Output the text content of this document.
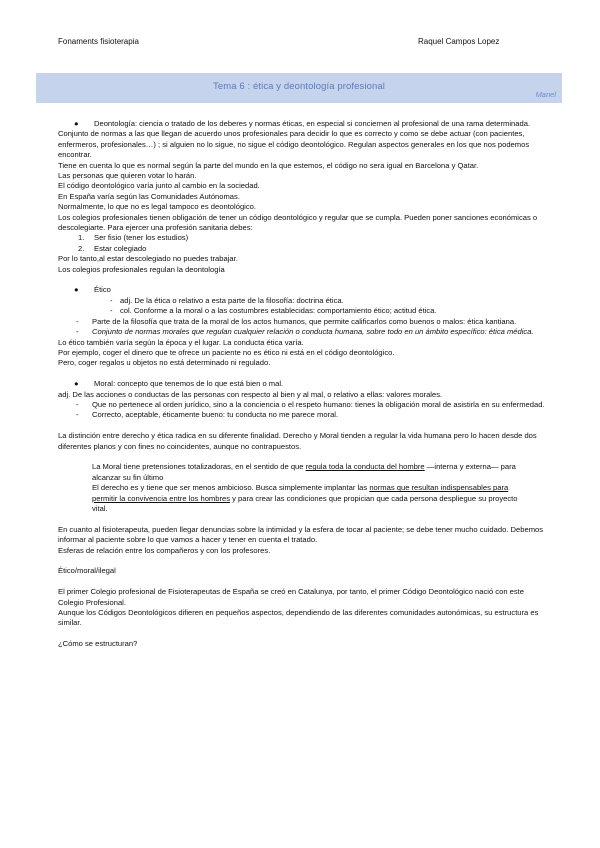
Fonaments fisioterapia	Raquel Campos Lopez
Tema 6 : ética y deontología profesional
Manel

● Deontología: ciencia o tratado de los deberes y normas éticas, en especial si conciernen al profesional de una rama determinada.

Conjunto de normas a las que llegan de acuerdo unos profesionales para decidir lo que es correcto y como se debe actuar (con pacientes, enfermeros, profesionales…) ; si alguien no lo sigue, no sigue el código deontológico. Regulan aspectos generales en los que nos podemos encontrar.

Tiene en cuenta lo que es normal según la parte del mundo en la que estemos, el código no sera igual en Barcelona y Qatar.

Las personas que quieren votar lo harán.

El código deontológico varía junto al cambio en la sociedad.

En España varía según las Comunidades Autónomas.

Normalmente, lo que no es legal tampoco es deontológico.

Los colegios profesionales tienen obligación de tener un código deontológico y regular que se cumpla. Pueden poner sanciones económicas o descolegiarte. Para ejercer una profesión sanitaria debes:

1. Ser fisio (tener los estudios)

2. Estar colegiado

Por lo tanto,al estar descolegiado no puedes trabajar.

Los colegios profesionales regulan la deontología

● Ético

- adj. De la ética o relativo a esta parte de la filosofía: doctrina ética.

- col. Conforme a la moral o a las costumbres establecidas: comportamiento ético; actitud ética.

- Parte de la filosofía que trata de la moral de los actos humanos, que permite calificarlos como buenos o malos: ética kantiana.

- Conjunto de normas morales que regulan cualquier relación o conducta humana, sobre todo en un ámbito específico: ética médica.

Lo ético también varía según la época y el lugar. La conducta ética varía.

Por ejemplo, coger el dinero que te ofrece un paciente no es ético ni está en el código deontológico.

Pero, coger regalos u objetos no está determinado ni regulado.

● Moral: concepto que tenemos de lo que está bien o mal.

adj. De las acciones o conductas de las personas con respecto al bien y al mal, o relativo a ellas: valores morales.

- Que no pertenece al orden jurídico, sino a la conciencia o el respeto humano: tienes la obligación moral de asistirla en su enfermedad.

- Correcto, aceptable, éticamente bueno: tu conducta no me parece moral.

La distinción entre derecho y ética radica en su diferente finalidad. Derecho y Moral tienden a regular la vida humana pero lo hacen desde dos diferentes planos y con fines no coincidentes, aunque no contrapuestos.

La Moral tiene pretensiones totalizadoras, en el sentido de que regula toda la conducta del hombre —interna y externa— para alcanzar su fin último

El derecho es y tiene que ser menos ambicioso. Busca simplemente implantar las normas que resultan indispensables para permitir la convivencia entre los hombres y para crear las condiciones que propician que cada persona despliegue su proyecto vital.

En cuanto al fisioterapeuta, pueden llegar denuncias sobre la intimidad y la esfera de tocar al paciente; se debe tener mucho cuidado. Debemos informar al paciente sobre lo que vamos a hacer y tener en cuenta el tratado.

Esferas de relación entre los compañeros y con los profesores.

Ético/moral/ilegal

El primer Colegio profesional de Fisioterapeutas de España se creó en Catalunya, por tanto, el primer Código Deontológico nació con este Colegio Profesional.

Aunque los Códigos Deontológicos difieren en pequeños aspectos, dependiendo de las diferentes comunidades autonómicas, su estructura es similar.

¿Cómo se estructuran?
